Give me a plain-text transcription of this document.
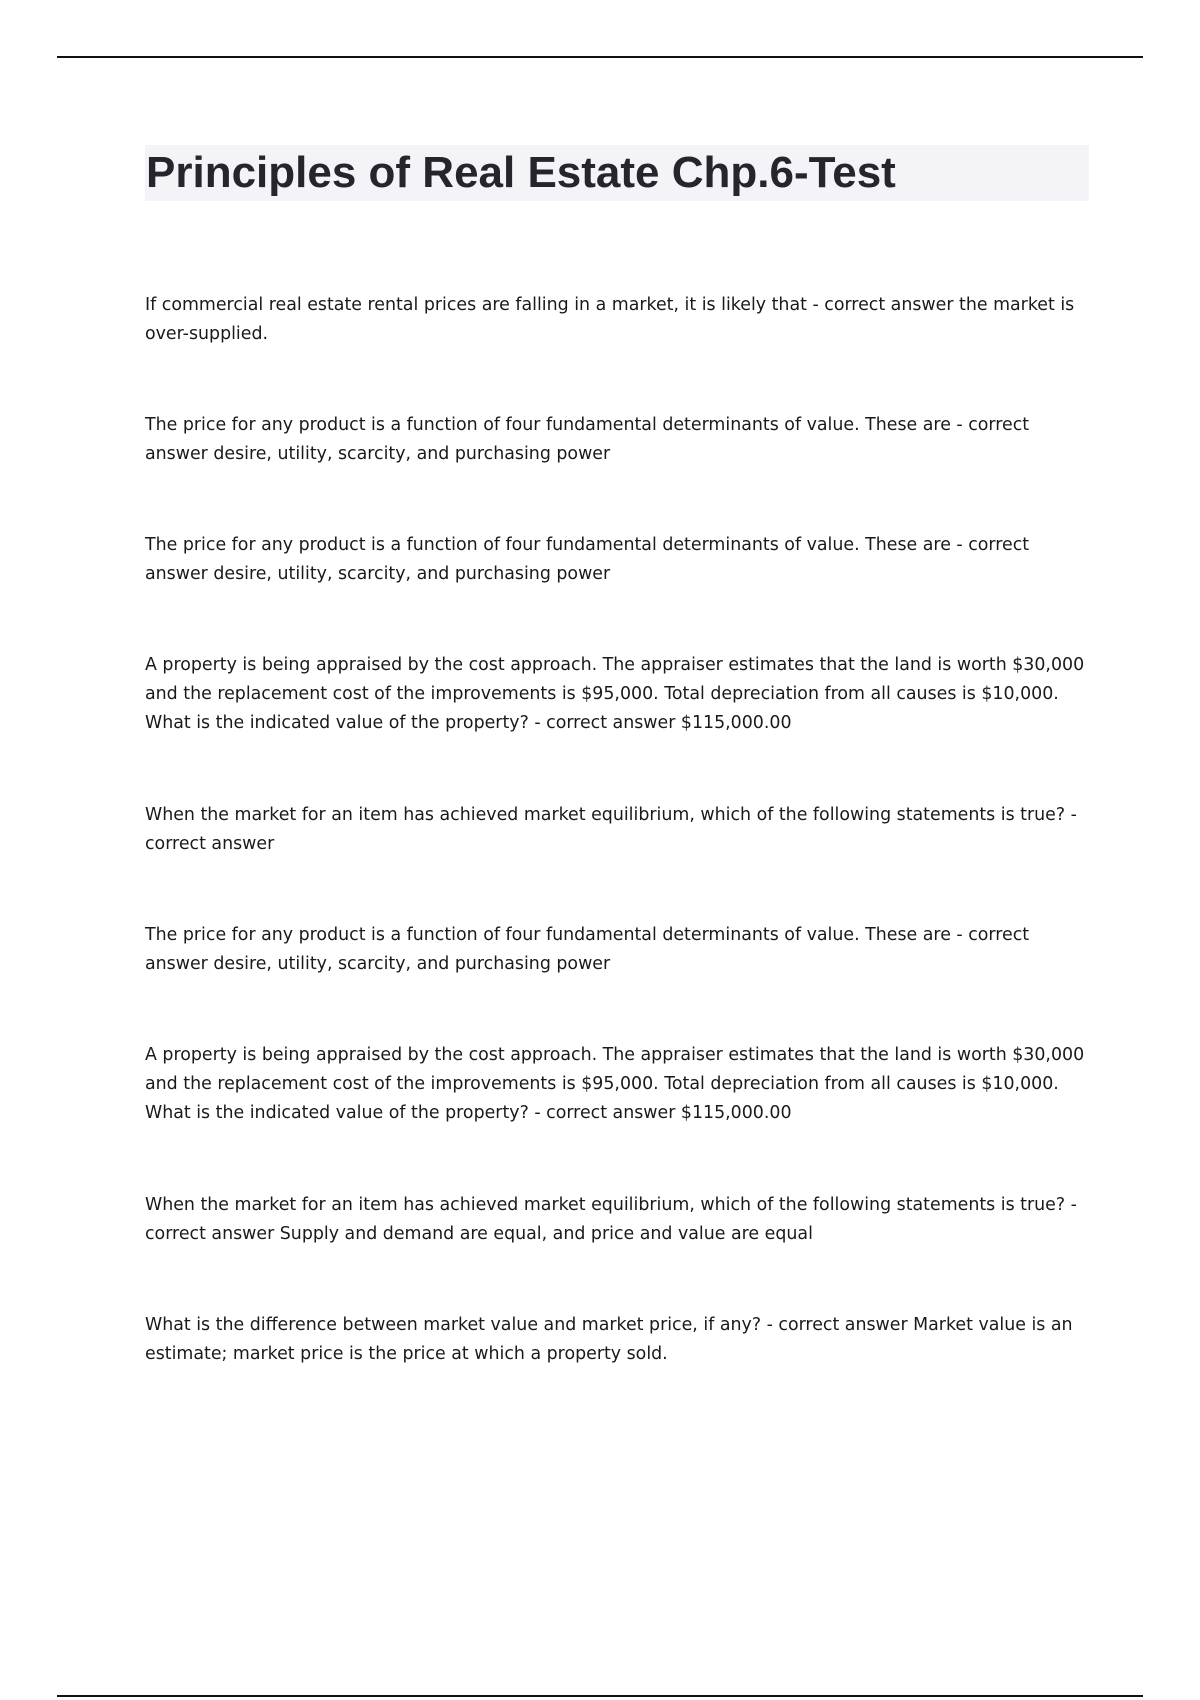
Principles of Real Estate Chp.6-Test

If commercial real estate rental prices are falling in a market, it is likely that - correct answer the market is over-supplied.

The price for any product is a function of four fundamental determinants of value. These are - correct answer desire, utility, scarcity, and purchasing power

The price for any product is a function of four fundamental determinants of value. These are - correct answer desire, utility, scarcity, and purchasing power

A property is being appraised by the cost approach. The appraiser estimates that the land is worth $30,000 and the replacement cost of the improvements is $95,000. Total depreciation from all causes is $10,000. What is the indicated value of the property? - correct answer $115,000.00

When the market for an item has achieved market equilibrium, which of the following statements is true? - correct answer

The price for any product is a function of four fundamental determinants of value. These are - correct answer desire, utility, scarcity, and purchasing power

A property is being appraised by the cost approach. The appraiser estimates that the land is worth $30,000 and the replacement cost of the improvements is $95,000. Total depreciation from all causes is $10,000. What is the indicated value of the property? - correct answer $115,000.00

When the market for an item has achieved market equilibrium, which of the following statements is true? - correct answer Supply and demand are equal, and price and value are equal

What is the difference between market value and market price, if any? - correct answer Market value is an estimate; market price is the price at which a property sold.
